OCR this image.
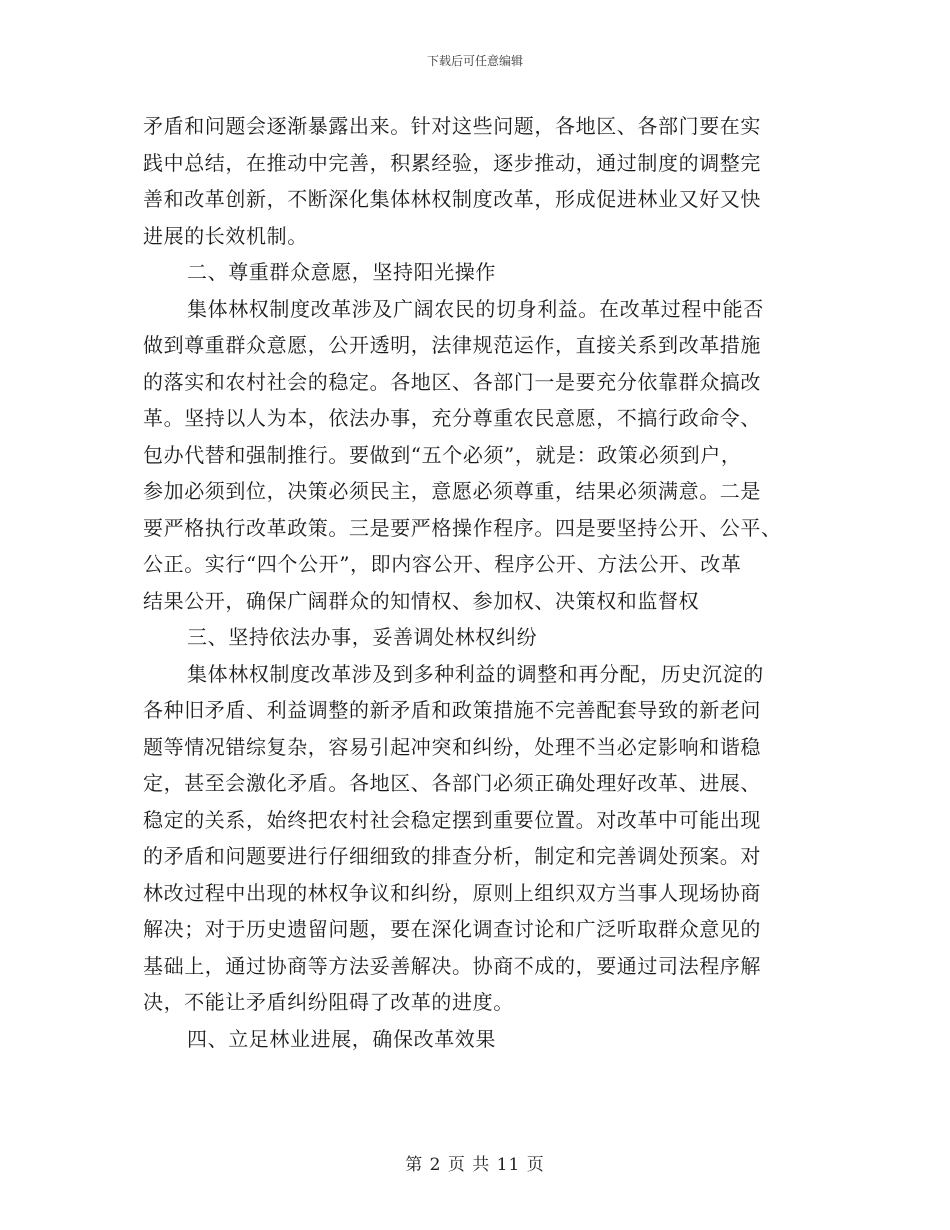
下载后可任意编辑
矛盾和问题会逐渐暴露出来。针对这些问题，各地区、各部门要在实
践中总结，在推动中完善，积累经验，逐步推动，通过制度的调整完
善和改革创新，不断深化集体林权制度改革，形成促进林业又好又快
进展的长效机制。
二、尊重群众意愿，坚持阳光操作
集体林权制度改革涉及广阔农民的切身利益。在改革过程中能否
做到尊重群众意愿，公开透明，法律规范运作，直接关系到改革措施
的落实和农村社会的稳定。各地区、各部门一是要充分依靠群众搞改
革。坚持以人为本，依法办事，充分尊重农民意愿，不搞行政命令、
包办代替和强制推行。要做到“五个必须”，就是：政策必须到户，
参加必须到位，决策必须民主，意愿必须尊重，结果必须满意。二是
要严格执行改革政策。三是要严格操作程序。四是要坚持公开、公平、
公正。实行“四个公开”，即内容公开、程序公开、方法公开、改革
结果公开，确保广阔群众的知情权、参加权、决策权和监督权
三、坚持依法办事，妥善调处林权纠纷
集体林权制度改革涉及到多种利益的调整和再分配，历史沉淀的
各种旧矛盾、利益调整的新矛盾和政策措施不完善配套导致的新老问
题等情况错综复杂，容易引起冲突和纠纷，处理不当必定影响和谐稳
定，甚至会激化矛盾。各地区、各部门必须正确处理好改革、进展、
稳定的关系，始终把农村社会稳定摆到重要位置。对改革中可能出现
的矛盾和问题要进行仔细细致的排查分析，制定和完善调处预案。对
林改过程中出现的林权争议和纠纷，原则上组织双方当事人现场协商
解决；对于历史遗留问题，要在深化调查讨论和广泛听取群众意见的
基础上，通过协商等方法妥善解决。协商不成的，要通过司法程序解
决，不能让矛盾纠纷阻碍了改革的进度。
四、立足林业进展，确保改革效果
第 2 页 共 11 页
